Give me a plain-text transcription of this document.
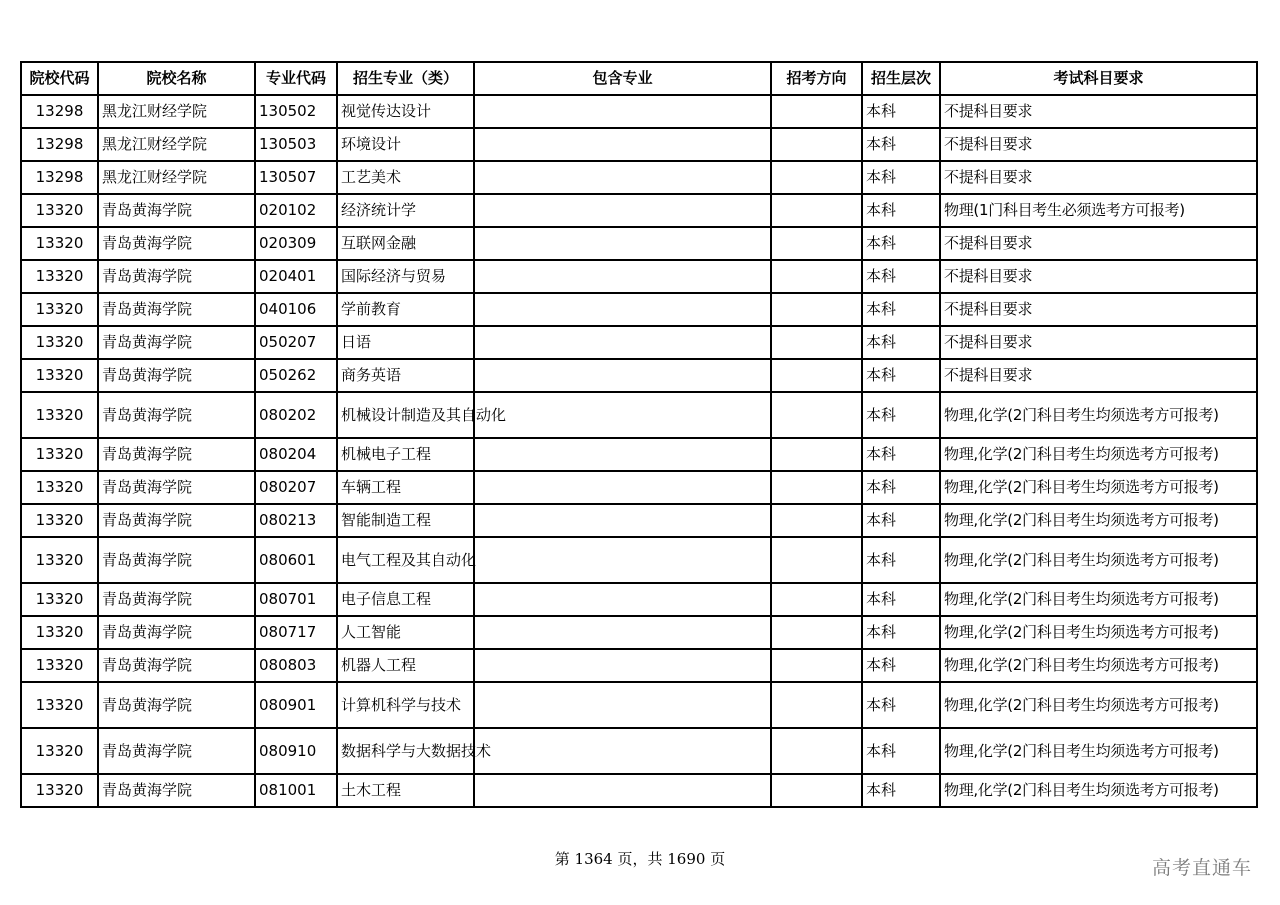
院校代码	院校名称	专业代码	招生专业（类）	包含专业	招考方向	招生层次	考试科目要求
13298	黑龙江财经学院	130502	视觉传达设计			本科	不提科目要求
13298	黑龙江财经学院	130503	环境设计			本科	不提科目要求
13298	黑龙江财经学院	130507	工艺美术			本科	不提科目要求
13320	青岛黄海学院	020102	经济统计学			本科	物理(1门科目考生必须选考方可报考)
13320	青岛黄海学院	020309	互联网金融			本科	不提科目要求
13320	青岛黄海学院	020401	国际经济与贸易			本科	不提科目要求
13320	青岛黄海学院	040106	学前教育			本科	不提科目要求
13320	青岛黄海学院	050207	日语			本科	不提科目要求
13320	青岛黄海学院	050262	商务英语			本科	不提科目要求
13320	青岛黄海学院	080202	机械设计制造及其自动化			本科	物理,化学(2门科目考生均须选考方可报考)
13320	青岛黄海学院	080204	机械电子工程			本科	物理,化学(2门科目考生均须选考方可报考)
13320	青岛黄海学院	080207	车辆工程			本科	物理,化学(2门科目考生均须选考方可报考)
13320	青岛黄海学院	080213	智能制造工程			本科	物理,化学(2门科目考生均须选考方可报考)
13320	青岛黄海学院	080601	电气工程及其自动化			本科	物理,化学(2门科目考生均须选考方可报考)
13320	青岛黄海学院	080701	电子信息工程			本科	物理,化学(2门科目考生均须选考方可报考)
13320	青岛黄海学院	080717	人工智能			本科	物理,化学(2门科目考生均须选考方可报考)
13320	青岛黄海学院	080803	机器人工程			本科	物理,化学(2门科目考生均须选考方可报考)
13320	青岛黄海学院	080901	计算机科学与技术			本科	物理,化学(2门科目考生均须选考方可报考)
13320	青岛黄海学院	080910	数据科学与大数据技术			本科	物理,化学(2门科目考生均须选考方可报考)
13320	青岛黄海学院	081001	土木工程			本科	物理,化学(2门科目考生均须选考方可报考)
第 1364 页，共 1690 页	高考直通车
